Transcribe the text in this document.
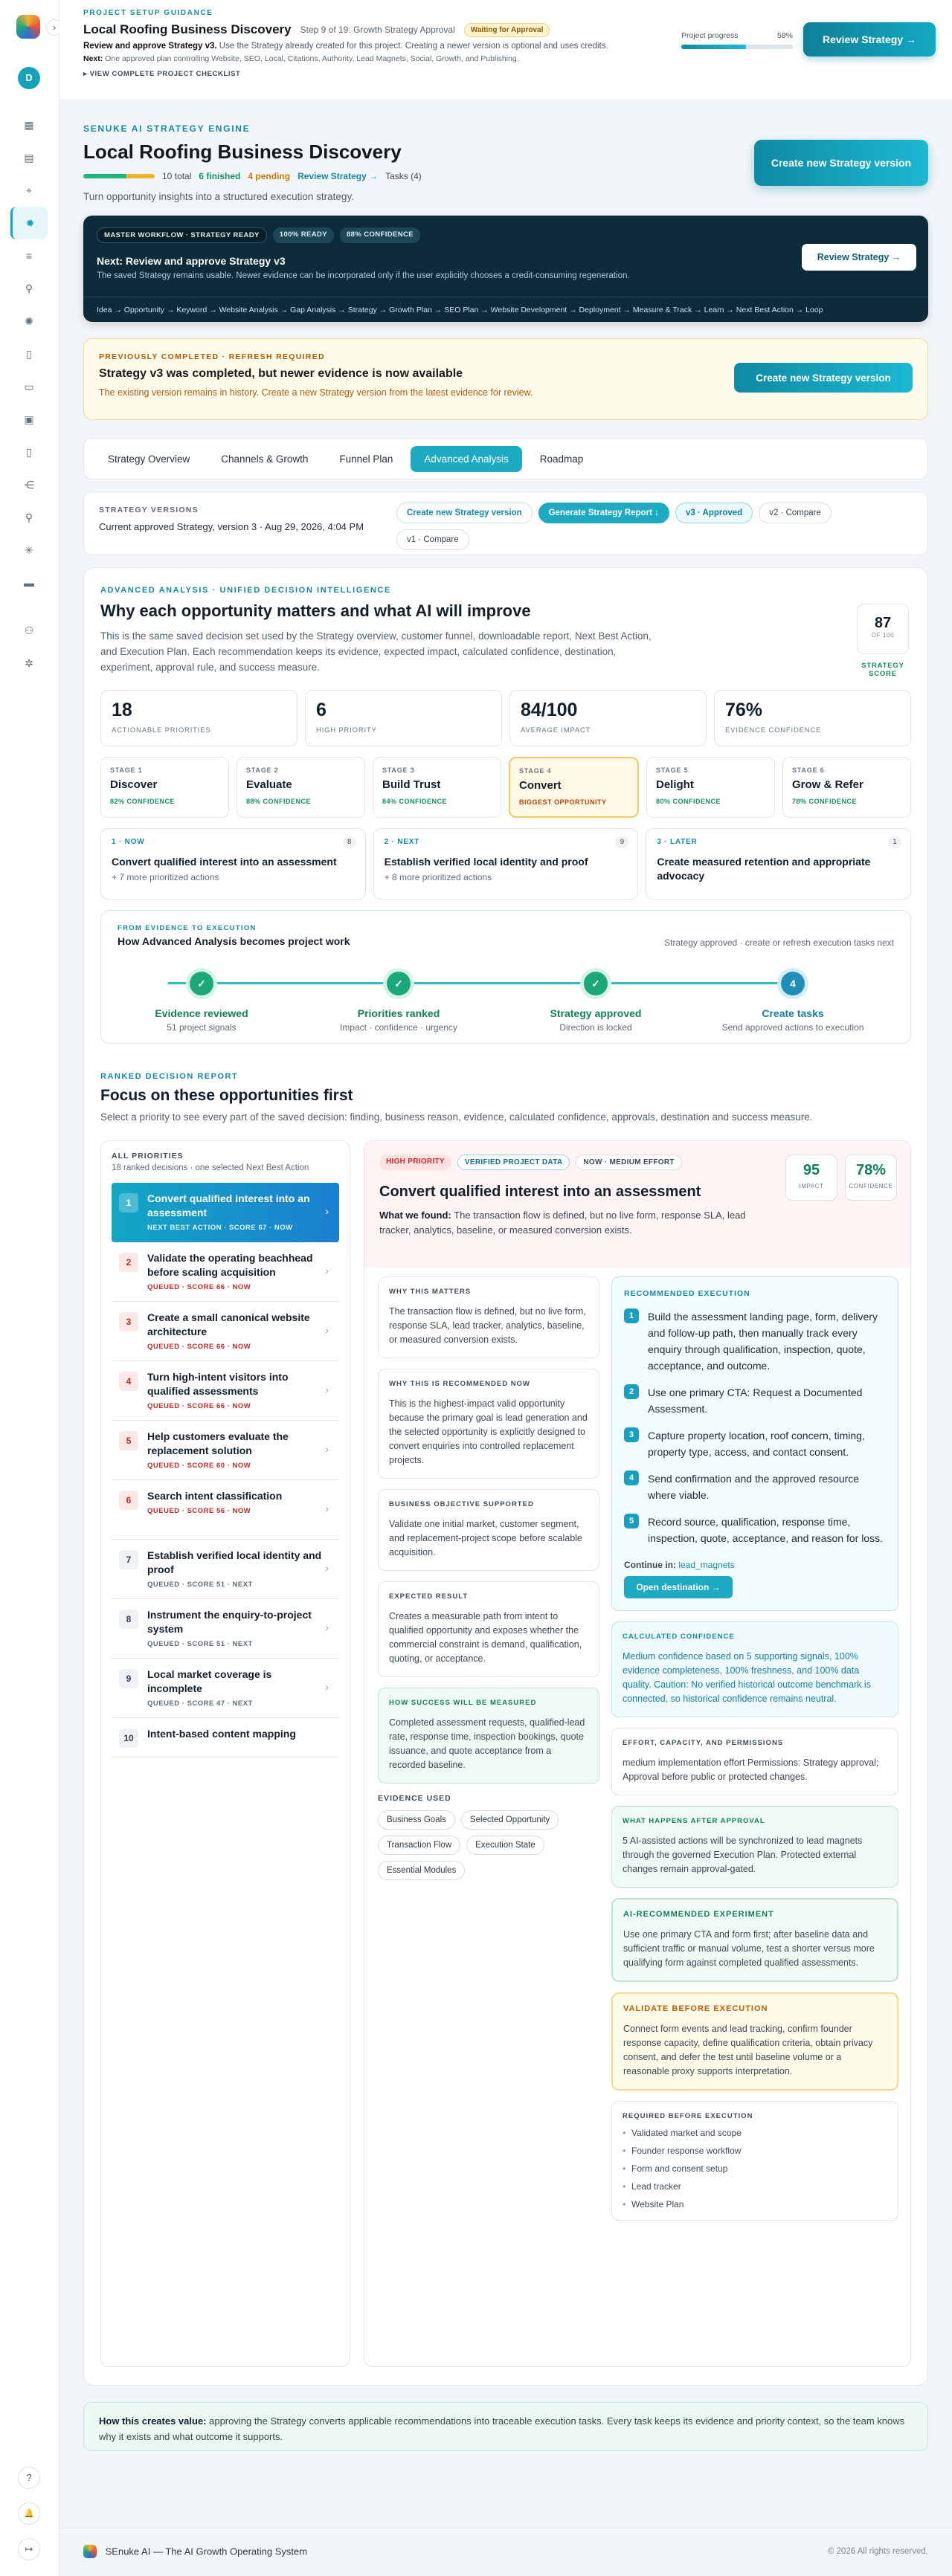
›
D
▦
▤
⌖
✹
≡
⚲
✺
▯
▭
▣
▯
⋲
⚲
✳
▬
⚇
✲
?
🔔
↦
PROJECT SETUP GUIDANCE
Local Roofing Business Discovery Step 9 of 19: Growth Strategy Approval	Waiting for Approval
Review and approve Strategy v3. Use the Strategy already created for this project. Creating a newer version is optional and uses credits.
Next: One approved plan controlling Website, SEO, Local, Citations, Authority, Lead Magnets, Social, Growth, and Publishing.
▸ VIEW COMPLETE PROJECT CHECKLIST
Project progress	58%	Review Strategy →
SENUKE AI STRATEGY ENGINE
Local Roofing Business Discovery
10 total 6 finished 4 pending Review Strategy → Tasks (4)
Turn opportunity insights into a structured execution strategy.
Create new Strategy version
MASTER WORKFLOW · STRATEGY READY	100% READY	88% CONFIDENCE
Next: Review and approve Strategy v3
The saved Strategy remains usable. Newer evidence can be incorporated only if the user explicitly chooses a credit-consuming regeneration.
Review Strategy →
Idea → Opportunity → Keyword → Website Analysis → Gap Analysis → Strategy → Growth Plan → SEO Plan → Website Development → Deployment → Measure & Track → Learn → Next Best Action → Loop
PREVIOUSLY COMPLETED · REFRESH REQUIRED
Strategy v3 was completed, but newer evidence is now available
The existing version remains in history. Create a new Strategy version from the latest evidence for review.
Create new Strategy version
Strategy Overview	Channels & Growth	Funnel Plan	Advanced Analysis	Roadmap
STRATEGY VERSIONS
Current approved Strategy, version 3 · Aug 29, 2026, 4:04 PM
Create new Strategy version	Generate Strategy Report ↓	v3 · Approved	v2 · Compare
v1 · Compare
ADVANCED ANALYSIS · UNIFIED DECISION INTELLIGENCE
Why each opportunity matters and what AI will improve
This is the same saved decision set used by the Strategy overview, customer funnel, downloadable report, Next Best Action, and Execution Plan. Each recommendation keeps its evidence, expected impact, calculated confidence, destination, experiment, approval rule, and success measure.
87
OF 100
STRATEGY SCORE
18
ACTIONABLE PRIORITIES
6
HIGH PRIORITY
84/100
AVERAGE IMPACT
76%
EVIDENCE CONFIDENCE
STAGE 1
Discover
82% CONFIDENCE
STAGE 2
Evaluate
88% CONFIDENCE
STAGE 3
Build Trust
84% CONFIDENCE
STAGE 4
Convert
BIGGEST OPPORTUNITY
STAGE 5
Delight
80% CONFIDENCE
STAGE 6
Grow & Refer
78% CONFIDENCE
1 · NOW	8
Convert qualified interest into an assessment
+ 7 more prioritized actions
2 · NEXT	9
Establish verified local identity and proof
+ 8 more prioritized actions
3 · LATER	1
Create measured retention and appropriate advocacy
FROM EVIDENCE TO EXECUTION
How Advanced Analysis becomes project work	Strategy approved · create or refresh execution tasks next
✓
Evidence reviewed
51 project signals
✓
Priorities ranked
Impact · confidence · urgency
✓
Strategy approved
Direction is locked
4
Create tasks
Send approved actions to execution
RANKED DECISION REPORT
Focus on these opportunities first
Select a priority to see every part of the saved decision: finding, business reason, evidence, calculated confidence, approvals, destination and success measure.
ALL PRIORITIES
18 ranked decisions · one selected Next Best Action
1	Convert qualified interest into an assessment
NEXT BEST ACTION · SCORE 67 · NOW
›
2	Validate the operating beachhead before scaling acquisition
QUEUED · SCORE 66 · NOW
›
3	Create a small canonical website architecture
QUEUED · SCORE 66 · NOW
›
4	Turn high-intent visitors into qualified assessments
QUEUED · SCORE 66 · NOW
›
5	Help customers evaluate the replacement solution
QUEUED · SCORE 60 · NOW
›
6	Search intent classification
QUEUED · SCORE 56 · NOW	›
7	Establish verified local identity and proof
QUEUED · SCORE 51 · NEXT
›
8	Instrument the enquiry-to-project system
QUEUED · SCORE 51 · NEXT
›
9	Local market coverage is incomplete
QUEUED · SCORE 47 · NEXT
›
10	Intent-based content mapping
HIGH PRIORITY	VERIFIED PROJECT DATA	NOW · MEDIUM EFFORT
Convert qualified interest into an assessment
What we found: The transaction flow is defined, but no live form, response SLA, lead tracker, analytics, baseline, or measured conversion exists.
95
IMPACT
78%
CONFIDENCE
WHY THIS MATTERS
The transaction flow is defined, but no live form, response SLA, lead tracker, analytics, baseline, or measured conversion exists.
WHY THIS IS RECOMMENDED NOW
This is the highest-impact valid opportunity because the primary goal is lead generation and the selected opportunity is explicitly designed to convert enquiries into controlled replacement projects.
BUSINESS OBJECTIVE SUPPORTED
Validate one initial market, customer segment, and replacement-project scope before scalable acquisition.
EXPECTED RESULT
Creates a measurable path from intent to qualified opportunity and exposes whether the commercial constraint is demand, qualification, quoting, or acceptance.
HOW SUCCESS WILL BE MEASURED
Completed assessment requests, qualified-lead rate, response time, inspection bookings, quote issuance, and quote acceptance from a recorded baseline.
EVIDENCE USED
Business Goals	Selected Opportunity
Transaction Flow	Execution State
Essential Modules
RECOMMENDED EXECUTION
1	Build the assessment landing page, form, delivery and follow-up path, then manually track every enquiry through qualification, inspection, quote, acceptance, and outcome.
2	Use one primary CTA: Request a Documented Assessment.
3	Capture property location, roof concern, timing, property type, access, and contact consent.
4	Send confirmation and the approved resource where viable.
5	Record source, qualification, response time, inspection, quote, acceptance, and reason for loss.
Continue in: lead_magnets
Open destination →
CALCULATED CONFIDENCE
Medium confidence based on 5 supporting signals, 100% evidence completeness, 100% freshness, and 100% data quality. Caution: No verified historical outcome benchmark is connected, so historical confidence remains neutral.
EFFORT, CAPACITY, AND PERMISSIONS
medium implementation effort Permissions: Strategy approval; Approval before public or protected changes.
WHAT HAPPENS AFTER APPROVAL
5 AI-assisted actions will be synchronized to lead magnets through the governed Execution Plan. Protected external changes remain approval-gated.
AI-RECOMMENDED EXPERIMENT
Use one primary CTA and form first; after baseline data and sufficient traffic or manual volume, test a shorter versus more qualifying form against completed qualified assessments.
VALIDATE BEFORE EXECUTION
Connect form events and lead tracking, confirm founder response capacity, define qualification criteria, obtain privacy consent, and defer the test until baseline volume or a reasonable proxy supports interpretation.
REQUIRED BEFORE EXECUTION
• Validated market and scope
• Founder response workflow
• Form and consent setup
• Lead tracker
• Website Plan
How this creates value: approving the Strategy converts applicable recommendations into traceable execution tasks. Every task keeps its evidence and priority context, so the team knows why it exists and what outcome it supports.
SEnuke AI — The AI Growth Operating System	© 2026 All rights reserved.
